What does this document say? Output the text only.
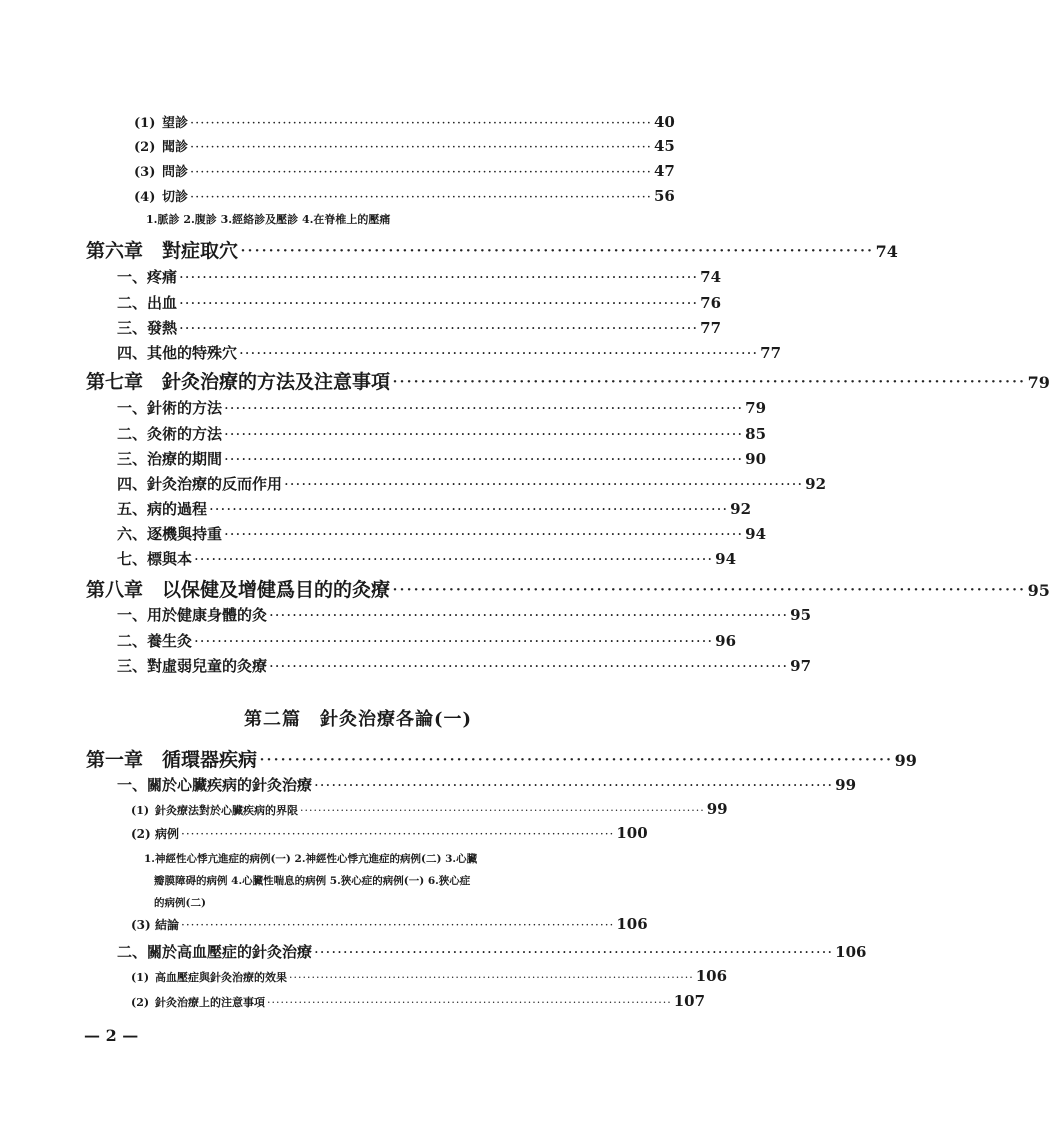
(1) 望診 ·························································································· 40
(2) 聞診 ·························································································· 45
(3) 問診 ·························································································· 47
(4) 切診 ·························································································· 56
1.脈診 2.腹診 3.經絡診及壓診 4.在脊椎上的壓痛
第六章　對症取穴 ·························································································· 74
一、疼痛 ·························································································· 74
二、出血 ·························································································· 76
三、發熱 ·························································································· 77
四、其他的特殊穴 ·························································································· 77
第七章　針灸治療的方法及注意事項 ·························································································· 79
一、針術的方法 ·························································································· 79
二、灸術的方法 ·························································································· 85
三、治療的期間 ·························································································· 90
四、針灸治療的反而作用 ·························································································· 92
五、病的過程 ·························································································· 92
六、逐機與持重 ·························································································· 94
七、標與本 ·························································································· 94
第八章　以保健及增健爲目的的灸療 ·························································································· 95
一、用於健康身體的灸 ·························································································· 95
二、養生灸 ·························································································· 96
三、對虛弱兒童的灸療 ·························································································· 97
第二篇　針灸治療各論(一)
第一章　循環器疾病 ·························································································· 99
一、關於心臟疾病的針灸治療 ·························································································· 99
(1) 針灸療法對於心臟疾病的界限 ·························································································· 99
(2) 病例 ·························································································· 100
1.神經性心悸亢進症的病例(一) 2.神經性心悸亢進症的病例(二) 3.心臟
瓣膜障碍的病例 4.心臟性喘息的病例 5.狹心症的病例(一) 6.狹心症
的病例(二)
(3) 結論 ·························································································· 106
二、關於高血壓症的針灸治療 ·························································································· 106
(1) 高血壓症與針灸治療的效果 ·························································································· 106
(2) 針灸治療上的注意事項 ·························································································· 107
— 2 —
